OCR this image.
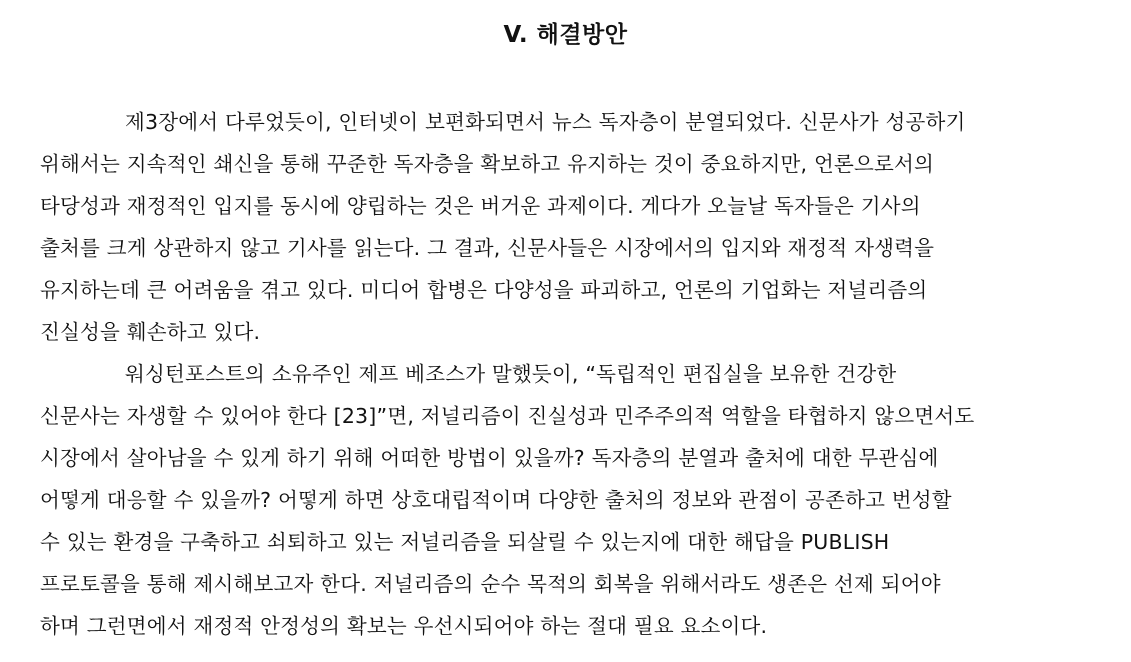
V. 해결방안
제3장에서 다루었듯이, 인터넷이 보편화되면서 뉴스 독자층이 분열되었다. 신문사가 성공하기
위해서는 지속적인 쇄신을 통해 꾸준한 독자층을 확보하고 유지하는 것이 중요하지만, 언론으로서의
타당성과 재정적인 입지를 동시에 양립하는 것은 버거운 과제이다. 게다가 오늘날 독자들은 기사의
출처를 크게 상관하지 않고 기사를 읽는다. 그 결과, 신문사들은 시장에서의 입지와 재정적 자생력을
유지하는데 큰 어려움을 겪고 있다. 미디어 합병은 다양성을 파괴하고, 언론의 기업화는 저널리즘의
진실성을 훼손하고 있다.
워싱턴포스트의 소유주인 제프 베조스가 말했듯이, “독립적인 편집실을 보유한 건강한
신문사는 자생할 수 있어야 한다 [23]”면, 저널리즘이 진실성과 민주주의적 역할을 타협하지 않으면서도
시장에서 살아남을 수 있게 하기 위해 어떠한 방법이 있을까? 독자층의 분열과 출처에 대한 무관심에
어떻게 대응할 수 있을까? 어떻게 하면 상호대립적이며 다양한 출처의 정보와 관점이 공존하고 번성할
수 있는 환경을 구축하고 쇠퇴하고 있는 저널리즘을 되살릴 수 있는지에 대한 해답을 PUBLISH
프로토콜을 통해 제시해보고자 한다. 저널리즘의 순수 목적의 회복을 위해서라도 생존은 선제 되어야
하며 그런면에서 재정적 안정성의 확보는 우선시되어야 하는 절대 필요 요소이다.
